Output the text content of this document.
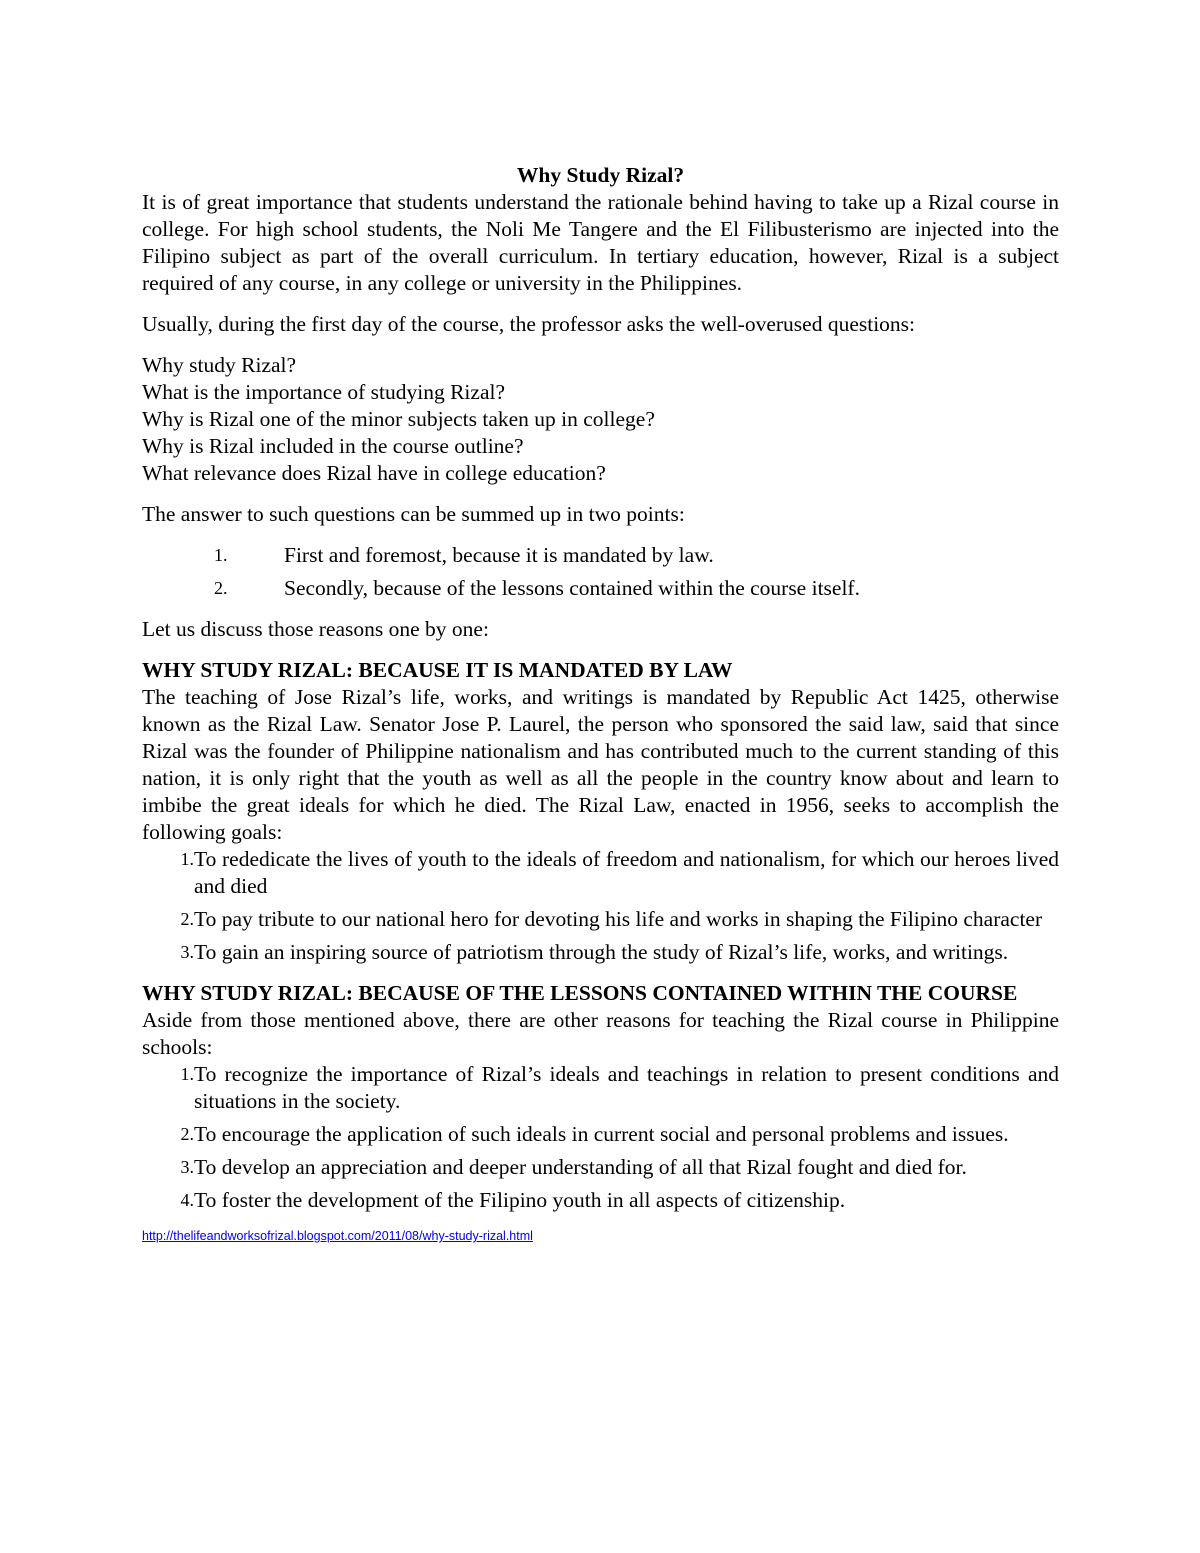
Why Study Rizal?

It is of great importance that students understand the rationale behind having to take up a Rizal course in college. For high school students, the Noli Me Tangere and the El Filibusterismo are injected into the Filipino subject as part of the overall curriculum. In tertiary education, however, Rizal is a subject required of any course, in any college or university in the Philippines.

Usually, during the first day of the course, the professor asks the well-overused questions:

Why study Rizal?

What is the importance of studying Rizal?

Why is Rizal one of the minor subjects taken up in college?

Why is Rizal included in the course outline?

What relevance does Rizal have in college education?

The answer to such questions can be summed up in two points:

1.	First and foremost, because it is mandated by law.
2.	Secondly, because of the lessons contained within the course itself.

Let us discuss those reasons one by one:

WHY STUDY RIZAL: BECAUSE IT IS MANDATED BY LAW

The teaching of Jose Rizal’s life, works, and writings is mandated by Republic Act 1425, otherwise known as the Rizal Law. Senator Jose P. Laurel, the person who sponsored the said law, said that since Rizal was the founder of Philippine nationalism and has contributed much to the current standing of this nation, it is only right that the youth as well as all the people in the country know about and learn to imbibe the great ideals for which he died. The Rizal Law, enacted in 1956, seeks to accomplish the following goals:

1. To rededicate the lives of youth to the ideals of freedom and nationalism, for which our heroes lived and died
2. To pay tribute to our national hero for devoting his life and works in shaping the Filipino character
3. To gain an inspiring source of patriotism through the study of Rizal’s life, works, and writings.
WHY STUDY RIZAL: BECAUSE OF THE LESSONS CONTAINED WITHIN THE COURSE

Aside from those mentioned above, there are other reasons for teaching the Rizal course in Philippine schools:

1. To recognize the importance of Rizal’s ideals and teachings in relation to present conditions and situations in the society.
2. To encourage the application of such ideals in current social and personal problems and issues.
3. To develop an appreciation and deeper understanding of all that Rizal fought and died for.
4. To foster the development of the Filipino youth in all aspects of citizenship.
http://thelifeandworksofrizal.blogspot.com/2011/08/why-study-rizal.html
